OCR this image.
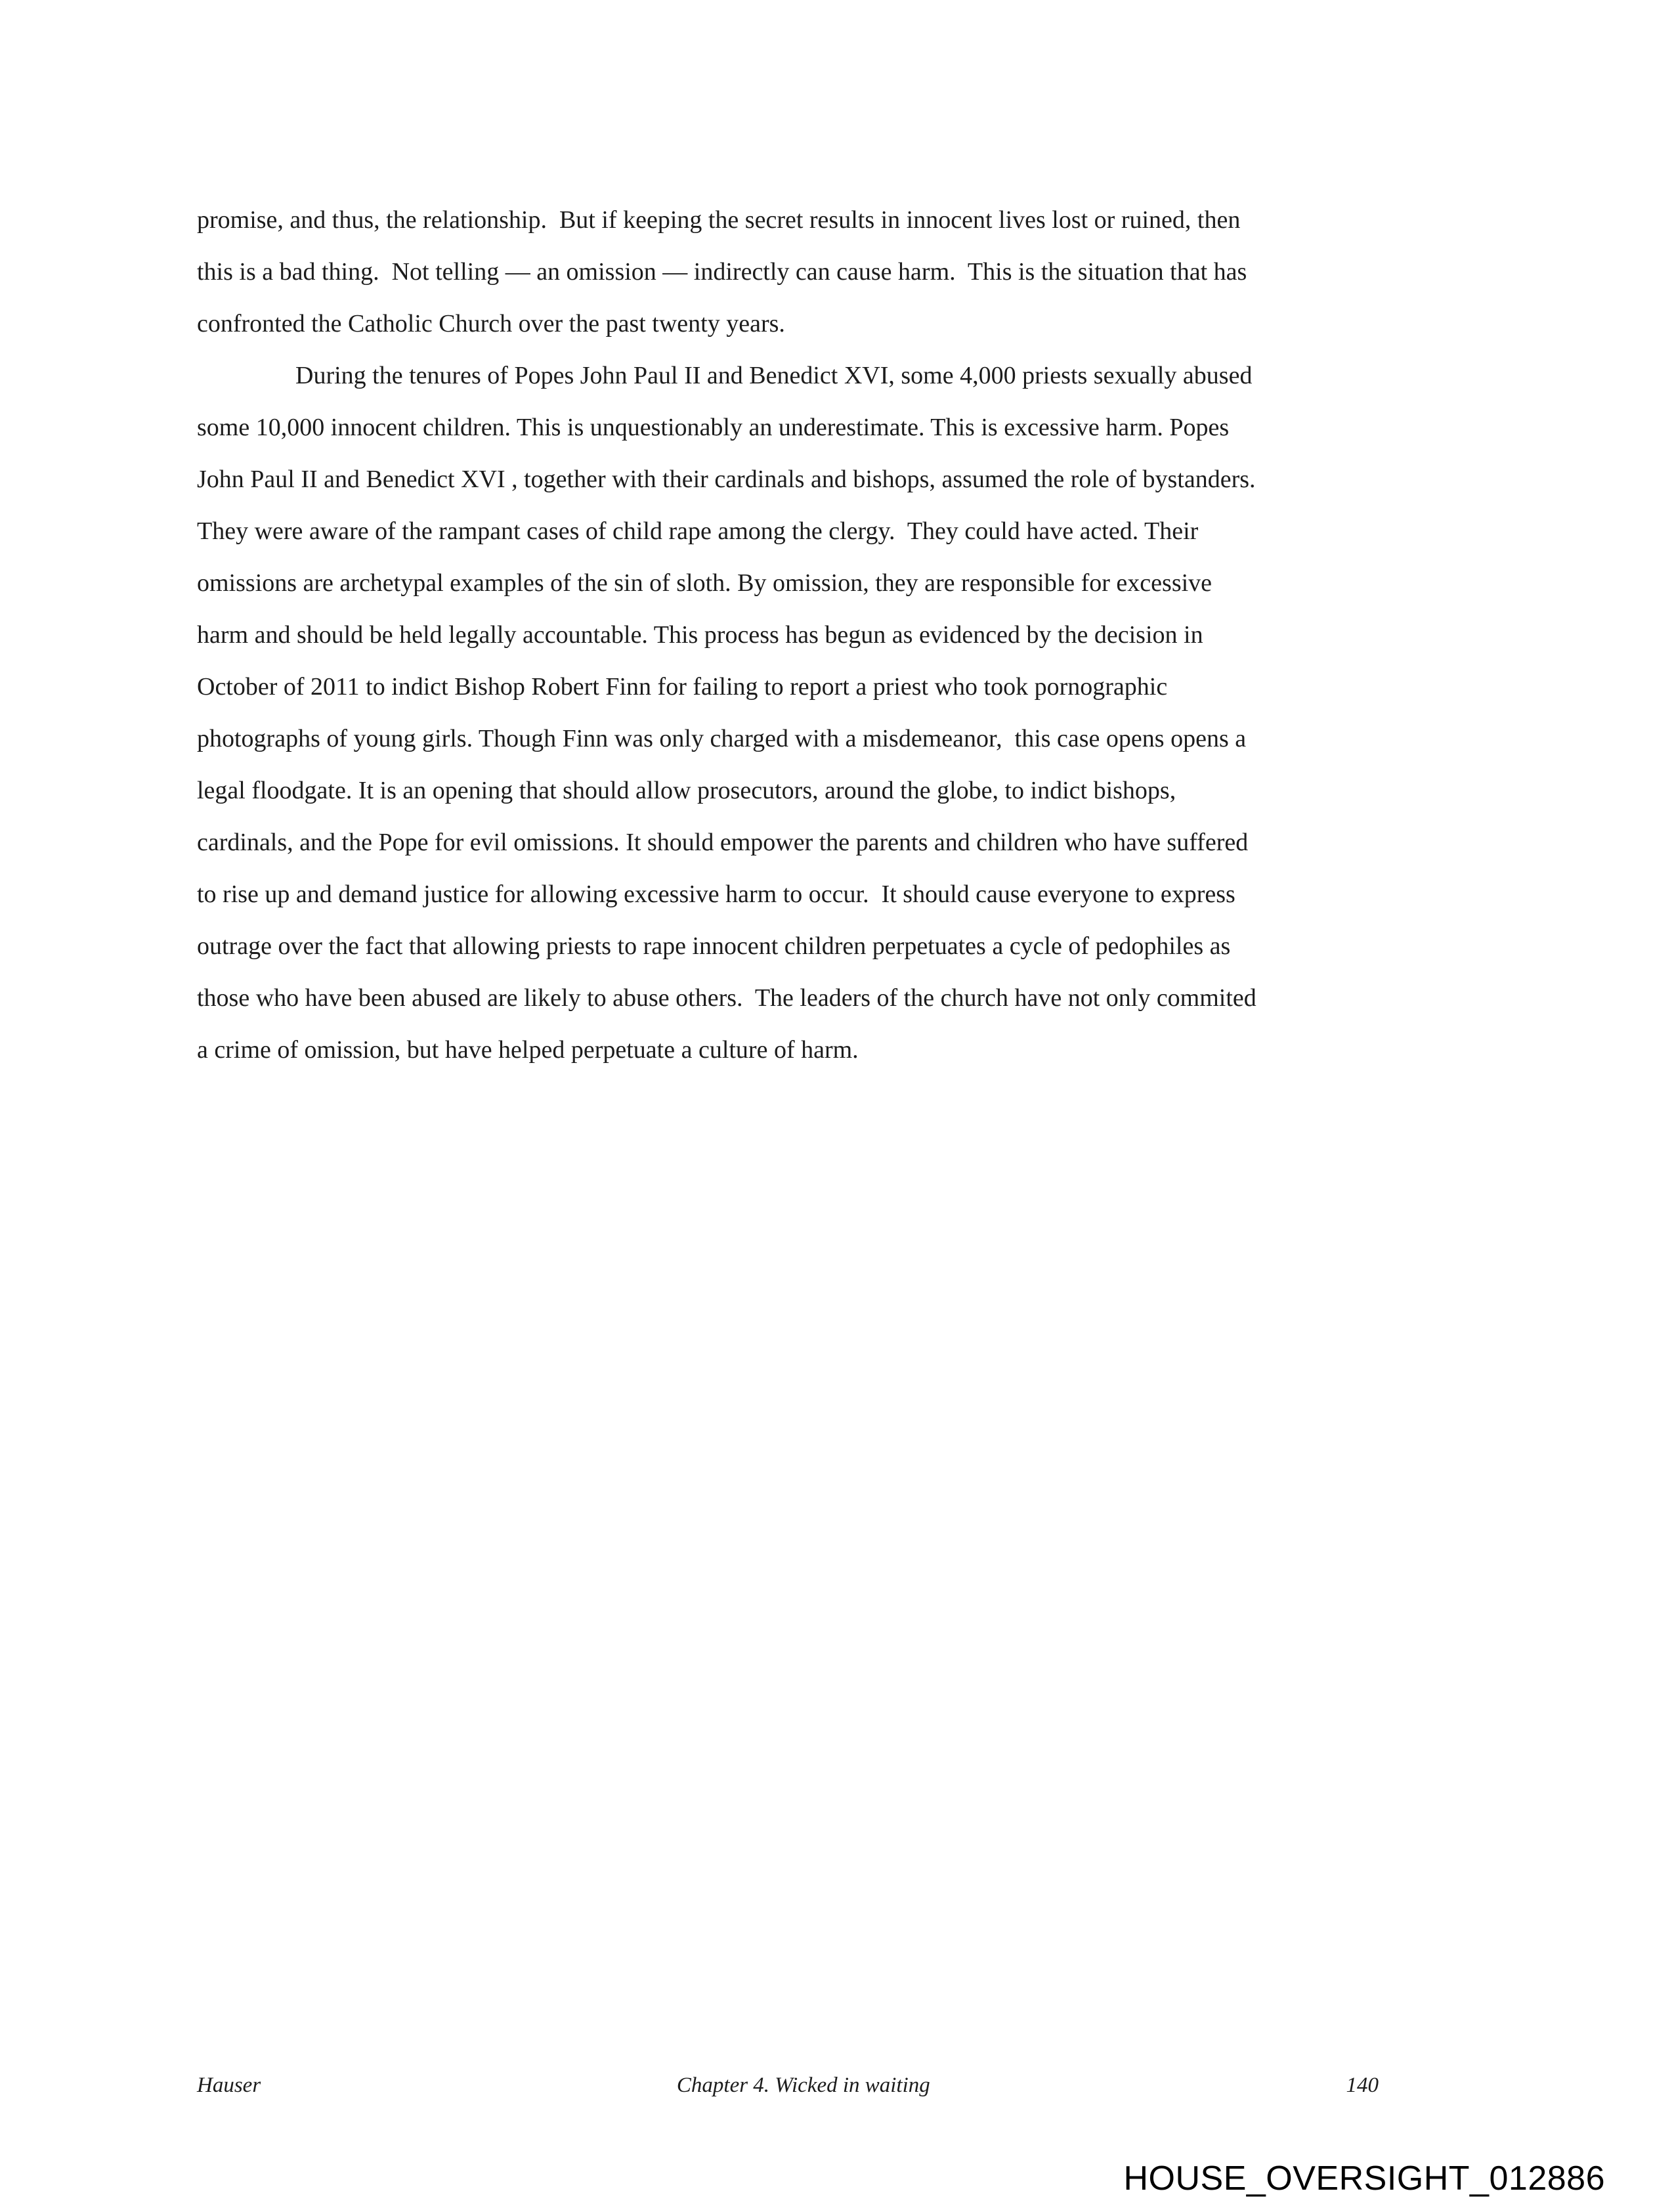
promise, and thus, the relationship.  But if keeping the secret results in innocent lives lost or ruined, then
this is a bad thing.  Not telling — an omission — indirectly can cause harm.  This is the situation that has
confronted the Catholic Church over the past twenty years.
During the tenures of Popes John Paul II and Benedict XVI, some 4,000 priests sexually abused
some 10,000 innocent children. This is unquestionably an underestimate. This is excessive harm. Popes
John Paul II and Benedict XVI , together with their cardinals and bishops, assumed the role of bystanders.
They were aware of the rampant cases of child rape among the clergy.  They could have acted. Their
omissions are archetypal examples of the sin of sloth. By omission, they are responsible for excessive
harm and should be held legally accountable. This process has begun as evidenced by the decision in
October of 2011 to indict Bishop Robert Finn for failing to report a priest who took pornographic
photographs of young girls. Though Finn was only charged with a misdemeanor,  this case opens opens a
legal floodgate. It is an opening that should allow prosecutors, around the globe, to indict bishops,
cardinals, and the Pope for evil omissions. It should empower the parents and children who have suffered
to rise up and demand justice for allowing excessive harm to occur.  It should cause everyone to express
outrage over the fact that allowing priests to rape innocent children perpetuates a cycle of pedophiles as
those who have been abused are likely to abuse others.  The leaders of the church have not only commited
a crime of omission, but have helped perpetuate a culture of harm.
Hauser	Chapter 4. Wicked in waiting	140
HOUSE_OVERSIGHT_012886
